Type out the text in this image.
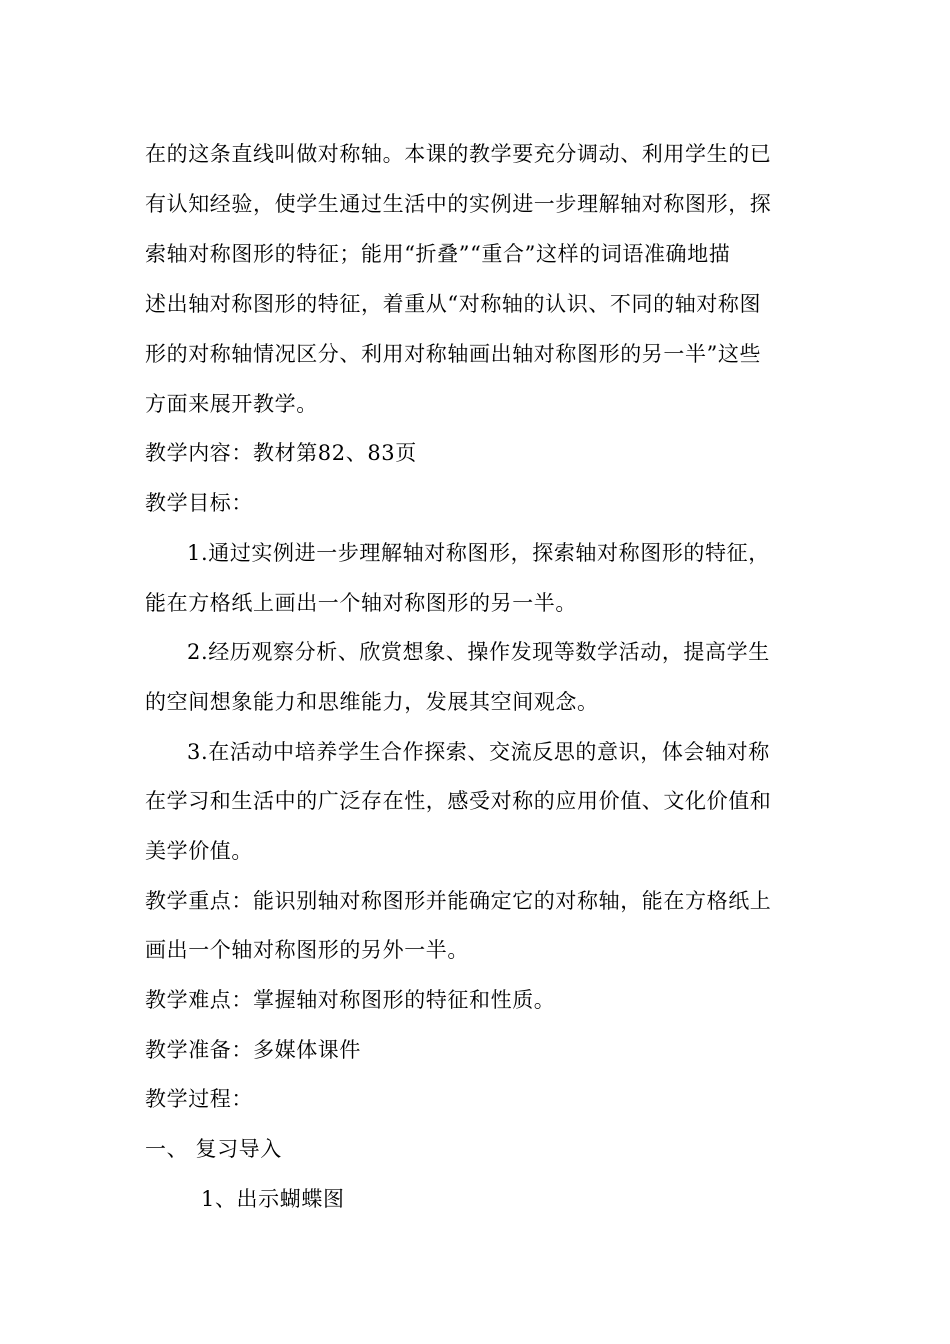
在的这条直线叫做对称轴。本课的教学要充分调动、利用学生的已
有认知经验，使学生通过生活中的实例进一步理解轴对称图形，探
索轴对称图形的特征；能用“折叠”“重合”这样的词语准确地描
述出轴对称图形的特征，着重从“对称轴的认识、不同的轴对称图
形的对称轴情况区分、利用对称轴画出轴对称图形的另一半”这些
方面来展开教学。
教学内容：教材第82、83页
教学目标：
1.通过实例进一步理解轴对称图形，探索轴对称图形的特征，
能在方格纸上画出一个轴对称图形的另一半。
2.经历观察分析、欣赏想象、操作发现等数学活动，提高学生
的空间想象能力和思维能力，发展其空间观念。
3.在活动中培养学生合作探索、交流反思的意识，体会轴对称
在学习和生活中的广泛存在性，感受对称的应用价值、文化价值和
美学价值。
教学重点：能识别轴对称图形并能确定它的对称轴，能在方格纸上
画出一个轴对称图形的另外一半。
教学难点：掌握轴对称图形的特征和性质。
教学准备：多媒体课件
教学过程：
一、 复习导入
1、出示蝴蝶图
